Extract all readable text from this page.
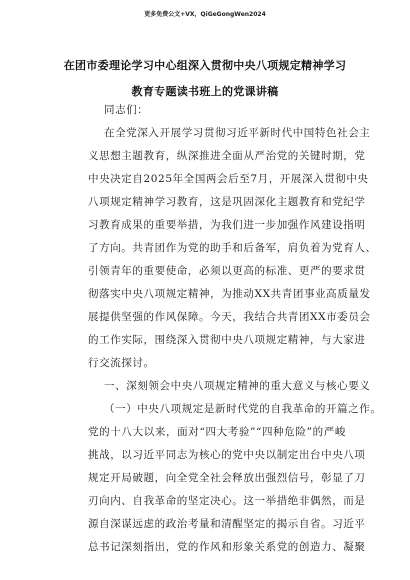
更多免费公文+VX，QiGeGongWen2024
在团市委理论学习中心组深入贯彻中央八项规定精神学习
教育专题读书班上的党课讲稿
同志们：
在全党深入开展学习贯彻习近平新时代中国特色社会主
义思想主题教育，纵深推进全面从严治党的关键时期，党
中央决定自2025年全国两会后至7月，开展深入贯彻中央
八项规定精神学习教育，这是巩固深化主题教育和党纪学
习教育成果的重要举措，为我们进一步加强作风建设指明
了方向。共青团作为党的助手和后备军，肩负着为党育人、
引领青年的重要使命，必须以更高的标准、更严的要求贯
彻落实中央八项规定精神，为推动XX共青团事业高质量发
展提供坚强的作风保障。今天，我结合共青团XX市委员会
的工作实际，围绕深入贯彻中央八项规定精神，与大家进
行交流探讨。
一、深刻领会中央八项规定精神的重大意义与核心要义
（一）中央八项规定是新时代党的自我革命的开篇之作。
党的十八大以来，面对“四大考验”“四种危险”的严峻
挑战，以习近平同志为核心的党中央以制定出台中央八项
规定开局破题，向全党全社会释放出强烈信号，彰显了刀
刃向内、自我革命的坚定决心。这一举措绝非偶然，而是
源自深谋远虑的政治考量和清醒坚定的揭示自省。习近平
总书记深刻指出，党的作风和形象关系党的创造力、凝聚
